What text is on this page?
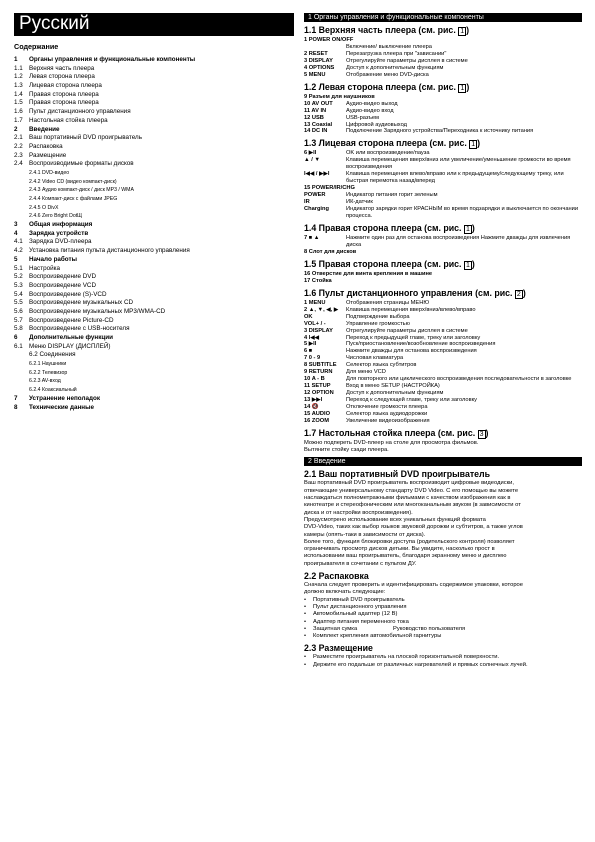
Русский
Содержание
1	Органы управления и функциональные компоненты
1.1 Верхняя часть плеера
1.2 Левая сторона плеера
1.3 Лицевая сторона плеера
1.4 Правая сторона плеера
1.5 Правая сторона плеера
1.6 Пульт дистанционного управления
1.7 Настольная стойка плеера
2	Введение
2.1 Ваш портативный DVD проигрыватель
2.2 Распаковка
2.3 Размещение
2.4 Воспроизводимые форматы дисков
2.4.1 DVD-видео
2.4.2 Video CD (видео компакт-диск)
2.4.3 Аудио компакт-диск / диск MP3 / WMA
2.4.4 Компакт-диск с файлами JPEG
2.4.5 О DivX
2.4.6 Zero Bright DotЩ
3	Общая информация
4	Зарядка устройств
4.1 Зарядка DVD-плеера
4.2 Установка питания пульта дистанционного управления
5	Начало работы
5.1 Настройка
5.2 Воспроизведение DVD
5.3 Воспроизведение VCD
5.4 Воспроизведение (S)-VCD
5.5 Воспроизведение музыкальных CD
5.6 Воспроизведение музыкальных MP3/WMA-CD
5.7 Воспроизведение Picture-CD
5.8 Воспроизведение с USB-носителя
6	Дополнительные функции
6.1 Меню DISPLAY (ДИСПЛЕЙ)
6.2 Соединения
6.2.1 Наушники
6.2.2 Телевизор
6.2.3 AV-вход
6.2.4 Коаксиальный
7	Устранение неполадок
8	Технические данные
1 Органы управления и функциональные компоненты
1.1 Верхняя часть плеера (см. рис. 1 )
1 POWER ON/OFF
Включение/ выключение плеера
2 RESET	Перезагрузка плеера при "зависании"
3 DISPLAY	Отрегулируйте параметры дисплея в системе
4 OPTIONS	Доступ к дополнительным функциям
5 MENU	Отображение меню DVD-диска
1.2 Левая сторона плеера (см. рис. 1 )
9 Разъем для наушников
10 AV OUT	Аудио-видео выход
11 AV IN	Аудио-видео вход
12 USB	USB-разъем
13 Coaxial	Цифровой аудиовыход
14 DC IN	Подключение Зарядного устройства/Переходника к источнику питания
1.3 Лицевая сторона плеера (см. рис. 1 )
6 ▶II	OK или воспроизведение/пауза
▲ / ▼	Клавиша перемещения вверх/вниз или увеличение/уменьшение громкости во время воспроизведения
I◀◀ / ▶▶I	Клавиша перемещения влево/вправо или к предыдущему/следующему треку, или быстрая перемотка назад/вперед
15 POWER/IR/CHG
POWER	Индикатор питания горит зеленым
IR	ИК-датчик
Charging	Индикатор зарядки горит КРАСНЫМ во время подзарядки и выключается по окончании процесса.
1.4 Правая сторона плеера (см. рис. 1 )
7 ■ ▲	Нажмите один раз для останова воспроизведения Нажмите дважды для извлечения диска
8 Слот для дисков
1.5 Правая сторона плеера (см. рис. 1 )
16 Отверстие для винта крепления в машине
17 Стойка
1.6 Пульт дистанционного управления (см. рис. 2 )
1 MENU	Отображения страницы МЕНЮ
2 ▲, ▼, ◀, ▶	Клавиша перемещения вверх/вниз/влево/вправо
OK	Подтверждение выбора
VOL+ / -	Управление громкостью
3 DISPLAY	Отрегулируйте параметры дисплея в системе
4 I◀◀	Переход к предыдущей главе, треку или заголовку
5 ▶II	Пуск/приостановление/возобновление воспроизведения
6 ■	Нажмите дважды для останова воспроизведения
7 0 - 9	Числовая клавиатура
8 SUBTITLE	Селектор языка субтитров
9 RETURN	Для меню VCD
10 A - B	Для повторного или циклического воспроизведения последовательности в заголовке
11 SETUP	Вход в меню SETUP (НАСТРОЙКА)
12 OPTION	Доступ к дополнительным функциям
13 ▶▶I	Переход к следующей главе, треку или заголовку
14 🔇	Отключение громкости плеера
15 AUDIO	Селектор языка аудиодорожки
16 ZOOM	Увеличение видеоизображения
1.7 Настольная стойка плеера (см. рис. 3 )
Можно подпереть DVD-плеер на столе для просмотра фильмов.
Вытяните стойку сзади плеера.
2 Введение
2.1 Ваш портативный DVD проигрыватель
Ваш портативный DVD проигрыватель воспроизводит цифровые видеодиски,
отвечающие универсальному стандарту DVD Video. С его помощью вы можете
наслаждаться полнометражными фильмами с качеством изображения как в
кинотеатре и стереофоническим или многоканальным звуком (в зависимости от
диска и от настройки воспроизведения).
Предусмотрено использование всех уникальных функций формата
DVD-Video, таких как выбор языков звуковой дорожки и субтитров, а также углов
камеры (опять-таки в зависимости от диска).
Более того, функция блокировки доступа (родительского контроля) позволяет
ограничивать просмотр дисков детьми. Вы увидите, насколько прост в
использовании ваш проигрыватель, благодаря экранному меню и дисплею
проигрывателя в сочетании с пультом ДУ.
2.2 Распаковка
Сначала следует проверить и идентифицировать содержимое упаковки, которое
должно включать следующие:
• Портативный DVD проигрыватель
• Пульт дистанционного управления
• Автомобильный адаптер (12 В)
• Адаптер питания переменного тока
• Защитная сумка	Руководство пользователя
• Комплект крепления автомобильной гарнитуры
2.3 Размещение
• Разместите проигрыватель на плоской горизонтальной поверхности.
• Держите его подальше от различных нагревателей и прямых солнечных лучей.
